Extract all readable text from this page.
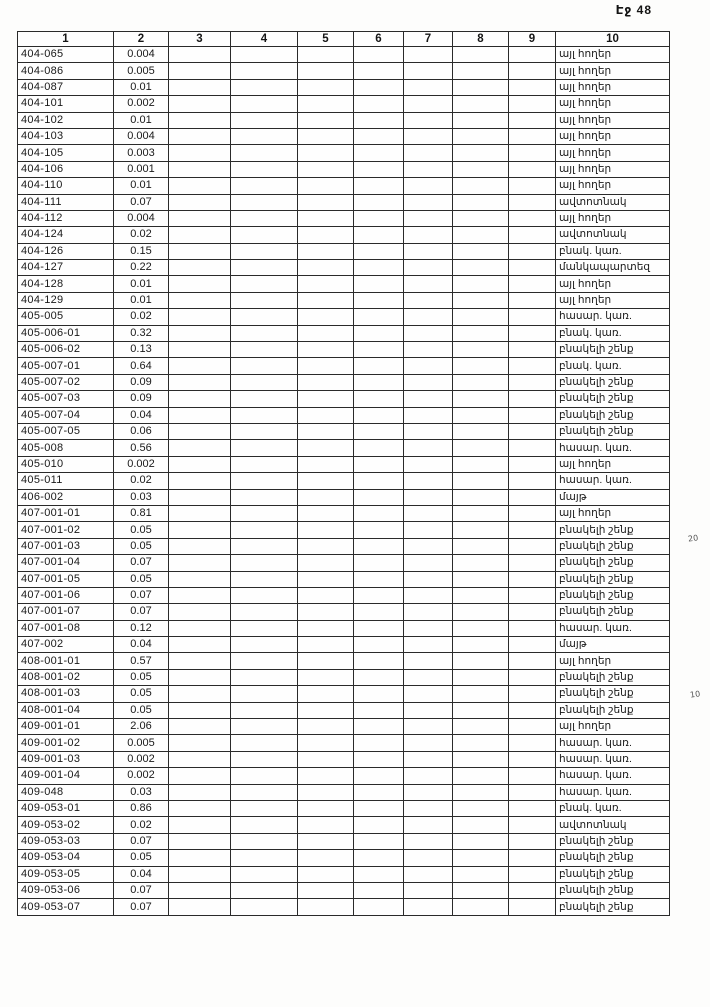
Էջ 48
1	2	3	4	5	6	7	8	9	10
404-065	0.004								այլ հողեր
404-086	0.005								այլ հողեր
404-087	0.01								այլ հողեր
404-101	0.002								այլ հողեր
404-102	0.01								այլ հողեր
404-103	0.004								այլ հողեր
404-105	0.003								այլ հողեր
404-106	0.001								այլ հողեր
404-110	0.01								այլ հողեր
404-111	0.07								ավտոտնակ
404-112	0.004								այլ հողեր
404-124	0.02								ավտոտնակ
404-126	0.15								բնակ. կառ.
404-127	0.22								մանկապարտեզ
404-128	0.01								այլ հողեր
404-129	0.01								այլ հողեր
405-005	0.02								հասար. կառ.
405-006-01	0.32								բնակ. կառ.
405-006-02	0.13								բնակելի շենք
405-007-01	0.64								բնակ. կառ.
405-007-02	0.09								բնակելի շենք
405-007-03	0.09								բնակելի շենք
405-007-04	0.04								բնակելի շենք
405-007-05	0.06								բնակելի շենք
405-008	0.56								հասար. կառ.
405-010	0.002								այլ հողեր
405-011	0.02								հասար. կառ.
406-002	0.03								մայթ
407-001-01	0.81								այլ հողեր
407-001-02	0.05								բնակելի շենք
407-001-03	0.05								բնակելի շենք
407-001-04	0.07								բնակելի շենք
407-001-05	0.05								բնակելի շենք
407-001-06	0.07								բնակելի շենք
407-001-07	0.07								բնակելի շենք
407-001-08	0.12								հասար. կառ.
407-002	0.04								մայթ
408-001-01	0.57								այլ հողեր
408-001-02	0.05								բնակելի շենք
408-001-03	0.05								բնակելի շենք
408-001-04	0.05								բնակելի շենք
409-001-01	2.06								այլ հողեր
409-001-02	0.005								հասար. կառ.
409-001-03	0.002								հասար. կառ.
409-001-04	0.002								հասար. կառ.
409-048	0.03								հասար. կառ.
409-053-01	0.86								բնակ. կառ.
409-053-02	0.02								ավտոտնակ
409-053-03	0.07								բնակելի շենք
409-053-04	0.05								բնակելի շենք
409-053-05	0.04								բնակելի շենք
409-053-06	0.07								բնակելի շենք
409-053-07	0.07								բնակելի շենք
20
10
